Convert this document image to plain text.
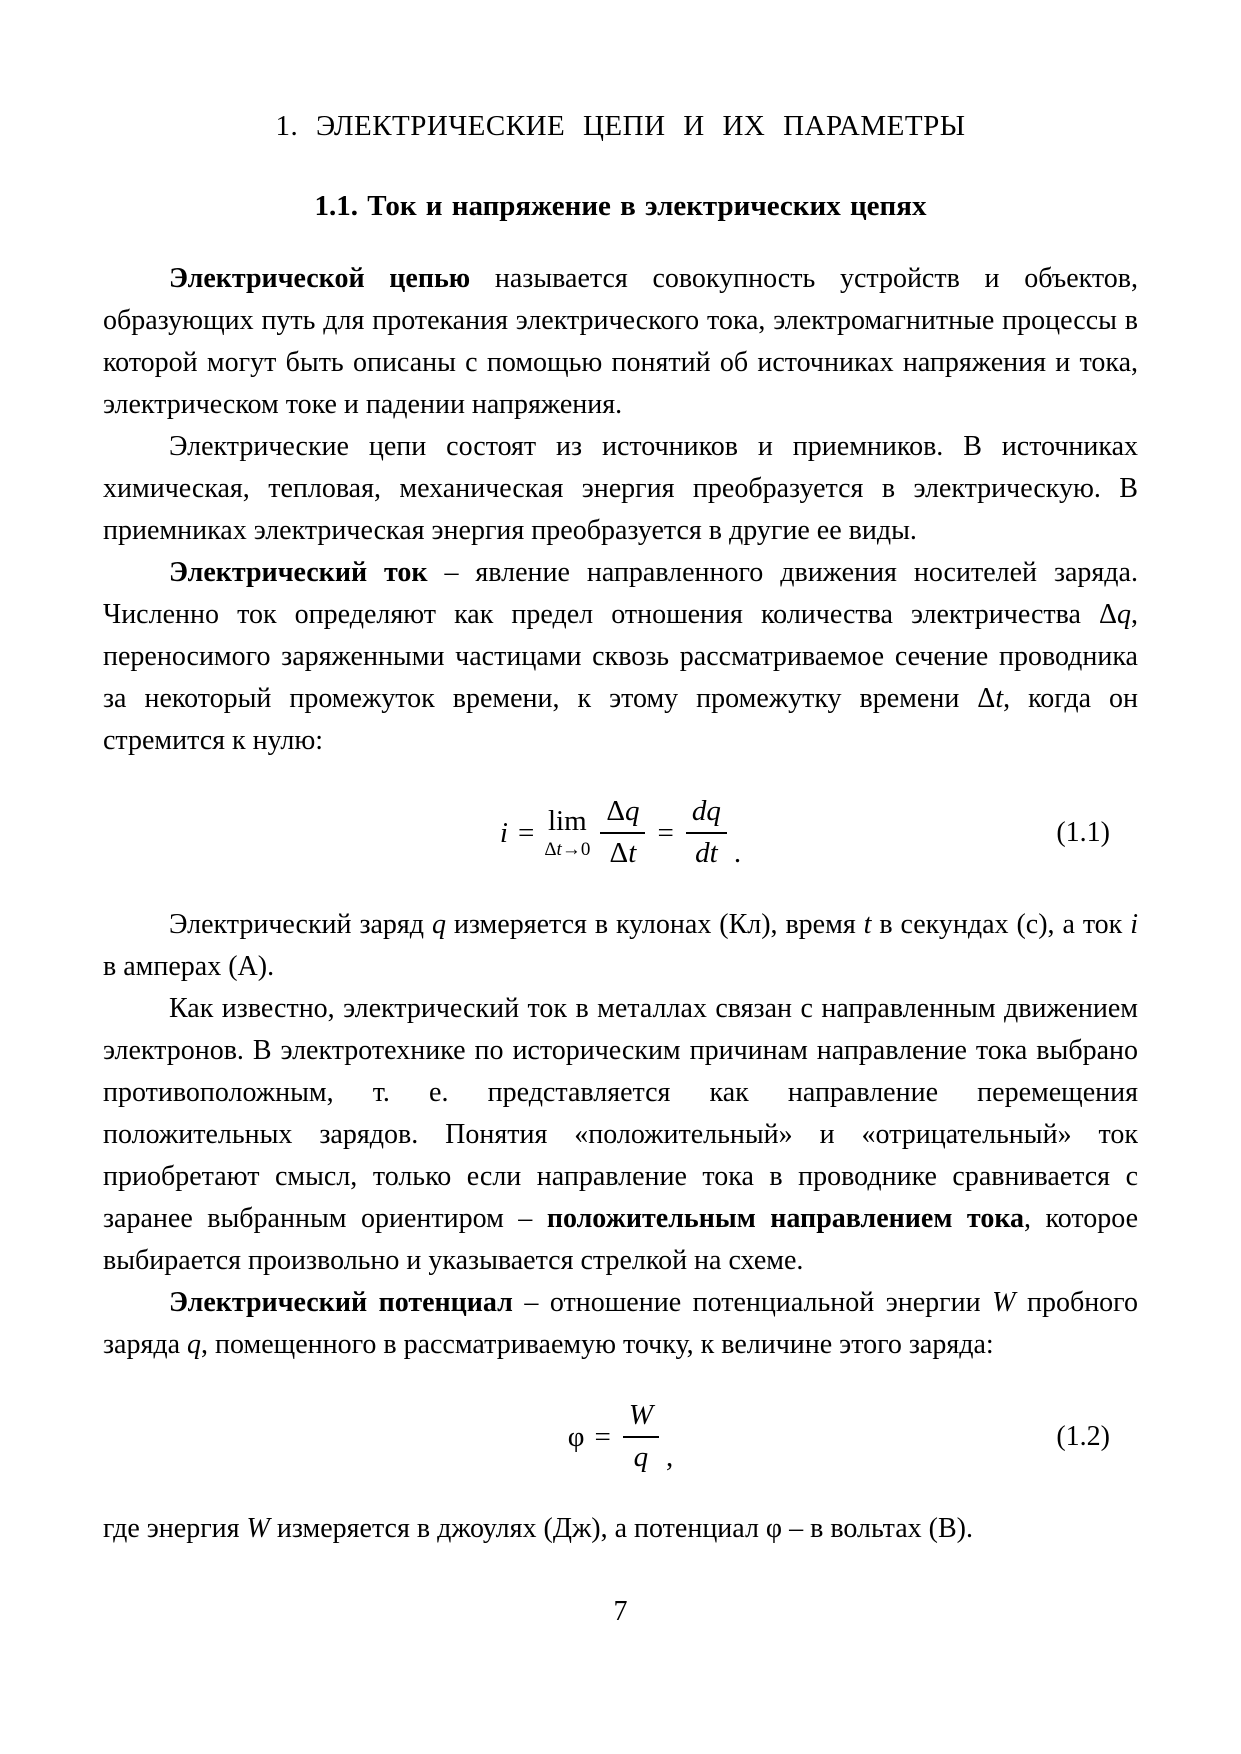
1. ЭЛЕКТРИЧЕСКИЕ ЦЕПИ И ИХ ПАРАМЕТРЫ
1.1. Ток и напряжение в электрических цепях

Электрической цепью называется совокупность устройств и объектов, образующих путь для протекания электрического тока, электромагнитные процессы в которой могут быть описаны с помощью понятий об источниках напряжения и тока, электрическом токе и падении напряжения.

Электрические цепи состоят из источников и приемников. В источниках химическая, тепловая, механическая энергия преобразуется в электрическую. В приемниках электрическая энергия преобразуется в другие ее виды.

Электрический ток – явление направленного движения носителей заряда. Численно ток определяют как предел отношения количества электричества Δq, переносимого заряженными частицами сквозь рассматриваемое сечение проводника за некоторый промежуток времени, к этому промежутку времени Δt, когда он стремится к нулю:

i = lim
$\Delta t\to 0 \frac{\Delta q}{\Delta t} = \frac{dq}{dt}$ .
(1.1)

Электрический заряд q измеряется в кулонах (Кл), время t в секундах (с), а ток i в амперах (А).

Как известно, электрический ток в металлах связан с направленным движением электронов. В электротехнике по историческим причинам направление тока выбрано противоположным, т. е. представляется как направление перемещения положительных зарядов. Понятия «положительный» и «отрицательный» ток приобретают смысл, только если направление тока в проводнике сравнивается с заранее выбранным ориентиром – положительным направлением тока, которое выбирается произвольно и указывается стрелкой на схеме.

Электрический потенциал – отношение потенциальной энергии W пробного заряда q, помещенного в рассматриваемую точку, к величине этого заряда:

$\varphi = \frac{W}{q}$ ,
(1.2)

где энергия W измеряется в джоулях (Дж), а потенциал φ – в вольтах (В).

7
